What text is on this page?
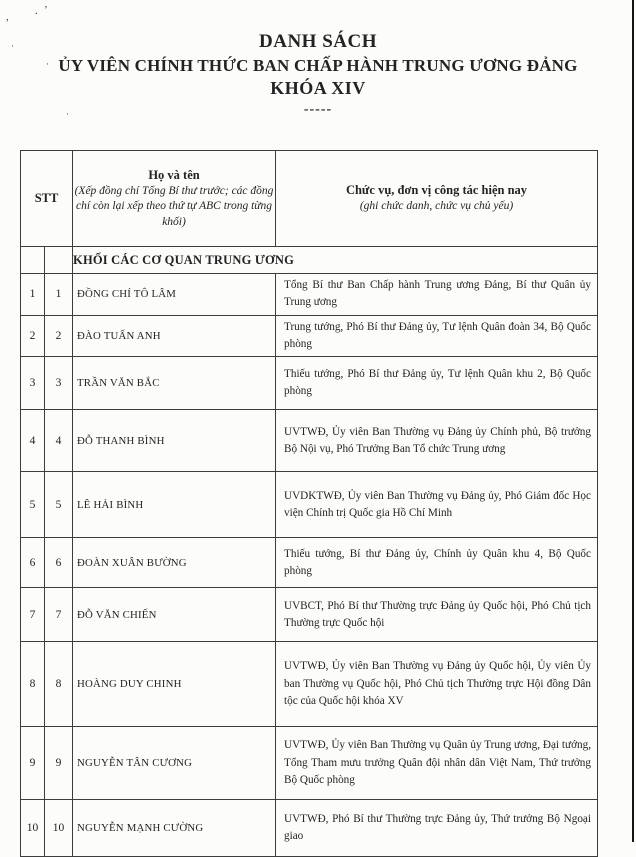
, . ’
·
·
·
DANH SÁCH
ỦY VIÊN CHÍNH THỨC BAN CHẤP HÀNH TRUNG ƯƠNG ĐẢNG
KHÓA XIV
-----
STT		Họ và tên
(Xếp đồng chí Tổng Bí thư trước; các đồng chí còn lại xếp theo thứ tự ABC trong từng khối)	Chức vụ, đơn vị công tác hiện nay
(ghi chức danh, chức vụ chủ yếu)

		KHỐI CÁC CƠ QUAN TRUNG ƯƠNG	
1	1	ĐỒNG CHÍ TÔ LÂM	Tổng Bí thư Ban Chấp hành Trung ương Đảng, Bí thư Quân ủy Trung ương
2	2	ĐÀO TUẤN ANH	Trung tướng, Phó Bí thư Đảng ủy, Tư lệnh Quân đoàn 34, Bộ Quốc phòng
3	3	TRẦN VĂN BẮC	Thiếu tướng, Phó Bí thư Đảng ủy, Tư lệnh Quân khu 2, Bộ Quốc phòng
4	4	ĐỖ THANH BÌNH	UVTWĐ, Ủy viên Ban Thường vụ Đảng ủy Chính phủ, Bộ trưởng Bộ Nội vụ, Phó Trưởng Ban Tổ chức Trung ương
5	5	LÊ HẢI BÌNH	UVDKTWĐ, Ủy viên Ban Thường vụ Đảng ủy, Phó Giám đốc Học viện Chính trị Quốc gia Hồ Chí Minh
6	6	ĐOÀN XUÂN BƯỜNG	Thiếu tướng, Bí thư Đảng ủy, Chính ủy Quân khu 4, Bộ Quốc phòng
7	7	ĐỖ VĂN CHIẾN	UVBCT, Phó Bí thư Thường trực Đảng ủy Quốc hội, Phó Chủ tịch Thường trực Quốc hội
8	8	HOÀNG DUY CHINH	UVTWĐ, Ủy viên Ban Thường vụ Đảng ủy Quốc hội, Ủy viên Ủy ban Thường vụ Quốc hội, Phó Chủ tịch Thường trực Hội đồng Dân tộc của Quốc hội khóa XV
9	9	NGUYỄN TÂN CƯƠNG	UVTWĐ, Ủy viên Ban Thường vụ Quân ủy Trung ương, Đại tướng, Tổng Tham mưu trưởng Quân đội nhân dân Việt Nam, Thứ trưởng Bộ Quốc phòng
10	10	NGUYỄN MẠNH CƯỜNG	UVTWĐ, Phó Bí thư Thường trực Đảng ủy, Thứ trưởng Bộ Ngoại giao
